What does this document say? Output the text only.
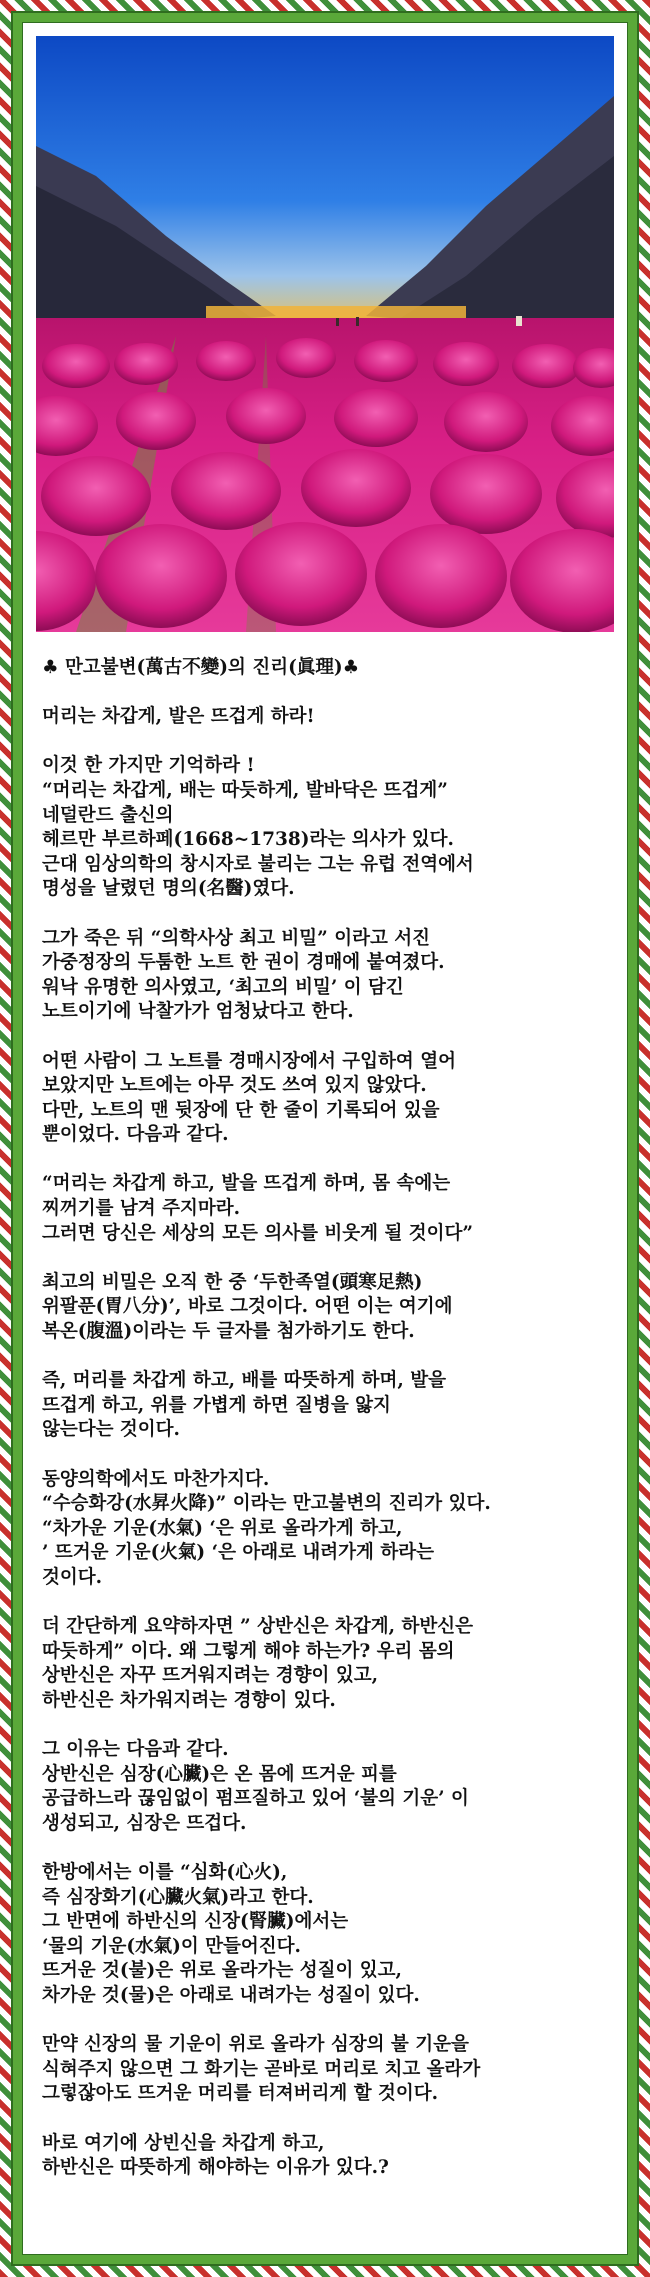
♣ 만고불변(萬古不變)의 진리(眞理)♣

머리는 차갑게, 발은 뜨겁게 하라!

이것 한 가지만 기억하라 !
“머리는 차갑게, 배는 따듯하게, 발바닥은 뜨겁게”
네덜란드 출신의
헤르만 부르하페(1668~1738)라는 의사가 있다.
근대 임상의학의 창시자로 불리는 그는 유럽 전역에서
명성을 날렸던 명의(名醫)였다.

그가 죽은 뒤 “의학사상 최고 비밀” 이라고 서진
가중정장의 두툼한 노트 한 권이 경매에 붙여졌다.
워낙 유명한 의사였고, ‘최고의 비밀’ 이 담긴
노트이기에 낙찰가가 엄청났다고 한다.

어떤 사람이 그 노트를 경매시장에서 구입하여 열어
보았지만 노트에는 아무 것도 쓰여 있지 않았다.
다만, 노트의 맨 뒷장에 단 한 줄이 기록되어 있을
뿐이었다. 다음과 같다.

“머리는 차갑게 하고, 발을 뜨겁게 하며, 몸 속에는
찌꺼기를 남겨 주지마라.
그러면 당신은 세상의 모든 의사를 비웃게 될 것이다”

최고의 비밀은 오직 한 중 ‘두한족열(頭寒足熱)
위팔푼(胃八分)’, 바로 그것이다. 어떤 이는 여기에
복온(腹溫)이라는 두 글자를 첨가하기도 한다.

즉, 머리를 차갑게 하고, 배를 따뜻하게 하며, 발을
뜨겁게 하고, 위를 가볍게 하면 질병을 앓지
않는다는 것이다.

동양의학에서도 마찬가지다.
“수승화강(水昇火降)” 이라는 만고불변의 진리가 있다.
“차가운 기운(水氣) ‘은 위로 올라가게 하고,
’ 뜨거운 기운(火氣) ‘은 아래로 내려가게 하라는
것이다.

더 간단하게 요약하자면 ” 상반신은 차갑게, 하반신은
따듯하게” 이다. 왜 그렇게 해야 하는가? 우리 몸의
상반신은 자꾸 뜨거워지려는 경향이 있고,
하반신은 차가워지려는 경향이 있다.

그 이유는 다음과 같다.
상반신은 심장(心臟)은 온 몸에 뜨거운 피를
공급하느라 끊임없이 펌프질하고 있어 ‘불의 기운’ 이
생성되고, 심장은 뜨겁다.

한방에서는 이를 “심화(心火),
즉 심장화기(心臟火氣)라고 한다.
그 반면에 하반신의 신장(腎臟)에서는
‘물의 기운(水氣)이 만들어진다.
뜨거운 것(불)은 위로 올라가는 성질이 있고,
차가운 것(물)은 아래로 내려가는 성질이 있다.

만약 신장의 물 기운이 위로 올라가 심장의 불 기운을
식혀주지 않으면 그 화기는 곧바로 머리로 치고 올라가
그렇잖아도 뜨거운 머리를 터져버리게 할 것이다.

바로 여기에 상빈신을 차갑게 하고,
하반신은 따뜻하게 해야하는 이유가 있다.?
